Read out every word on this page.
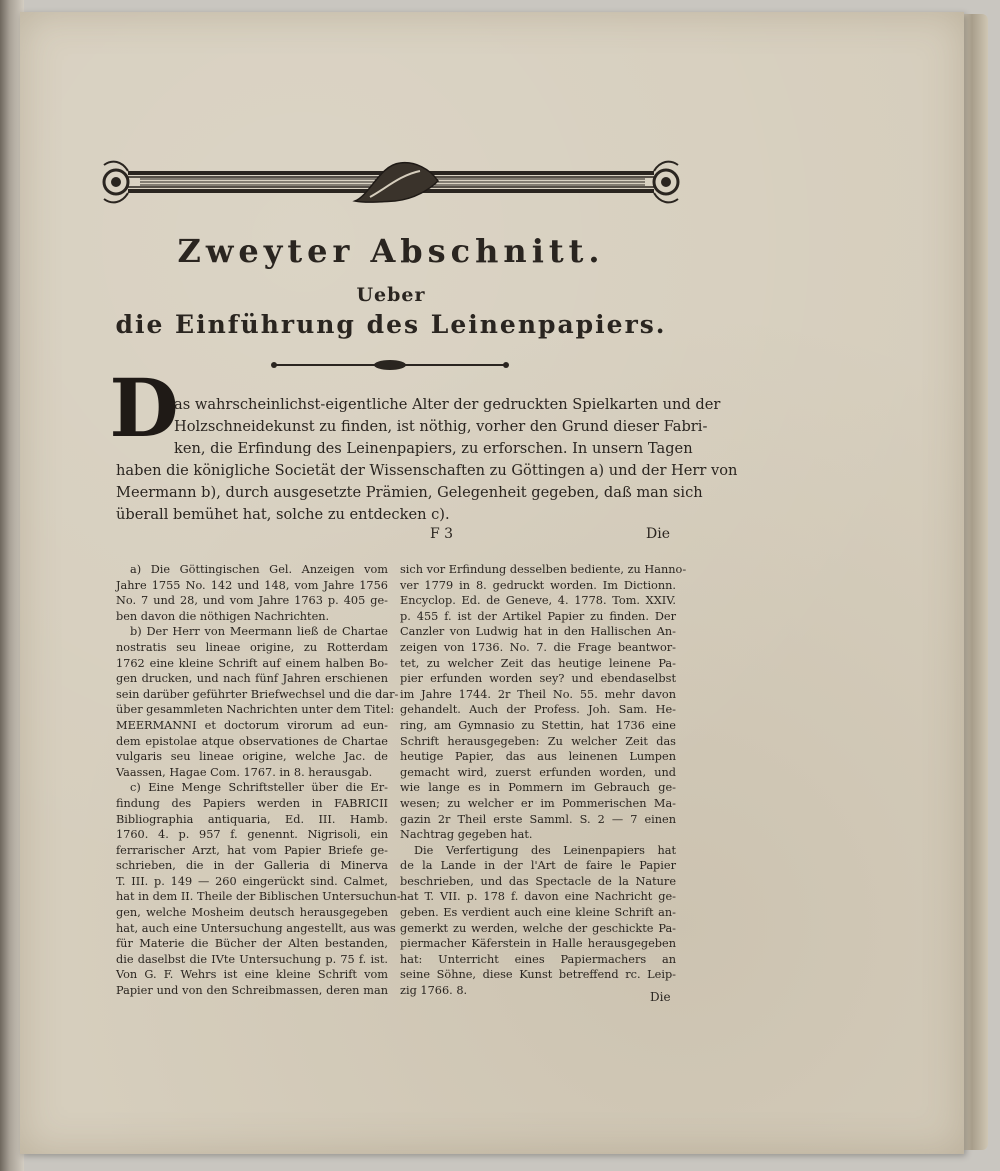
Zweyter Abschnitt.
Ueber
die Einführung des Leinenpapiers.
D
as wahrscheinlichst-eigentliche Alter der gedruckten Spielkarten und der
Holzschneidekunst zu finden, ist nöthig, vorher den Grund dieser Fabri-
ken, die Erfindung des Leinenpapiers, zu erforschen. In unsern Tagen
haben die königliche Societät der Wissenschaften zu Göttingen a) und der Herr von
Meermann b), durch ausgesetzte Prämien, Gelegenheit gegeben, daß man sich
überall bemühet hat, solche zu entdecken c).
F 3	Die
a) Die Göttingischen Gel. Anzeigen vom
Jahre 1755 No. 142 und 148, vom Jahre 1756
No. 7 und 28, und vom Jahre 1763 p. 405 ge-
ben davon die nöthigen Nachrichten.
b) Der Herr von Meermann ließ de Chartae
nostratis seu lineae origine, zu Rotterdam
1762 eine kleine Schrift auf einem halben Bo-
gen drucken, und nach fünf Jahren erschienen
sein darüber geführter Briefwechsel und die dar-
über gesammleten Nachrichten unter dem Titel:
MEERMANNI et doctorum virorum ad eun-
dem epistolae atque observationes de Chartae
vulgaris seu lineae origine, welche Jac. de
Vaassen, Hagae Com. 1767. in 8. herausgab.
c) Eine Menge Schriftsteller über die Er-
findung des Papiers werden in FABRICII
Bibliographia antiquaria, Ed. III. Hamb.
1760. 4. p. 957 f. genennt. Nigrisoli, ein
ferrarischer Arzt, hat vom Papier Briefe ge-
schrieben, die in der Galleria di Minerva
T. III. p. 149 — 260 eingerückt sind. Calmet,
hat in dem II. Theile der Biblischen Untersuchun-
gen, welche Mosheim deutsch herausgegeben
hat, auch eine Untersuchung angestellt, aus was
für Materie die Bücher der Alten bestanden,
die daselbst die IVte Untersuchung p. 75 f. ist.
Von G. F. Wehrs ist eine kleine Schrift vom
Papier und von den Schreibmassen, deren man
sich vor Erfindung desselben bediente, zu Hanno-
ver 1779 in 8. gedruckt worden. Im Dictionn.
Encyclop. Ed. de Geneve, 4. 1778. Tom. XXIV.
p. 455 f. ist der Artikel Papier zu finden. Der
Canzler von Ludwig hat in den Hallischen An-
zeigen von 1736. No. 7. die Frage beantwor-
tet, zu welcher Zeit das heutige leinene Pa-
pier erfunden worden sey? und ebendaselbst
im Jahre 1744. 2r Theil No. 55. mehr davon
gehandelt. Auch der Profess. Joh. Sam. He-
ring, am Gymnasio zu Stettin, hat 1736 eine
Schrift herausgegeben: Zu welcher Zeit das
heutige Papier, das aus leinenen Lumpen
gemacht wird, zuerst erfunden worden, und
wie lange es in Pommern im Gebrauch ge-
wesen; zu welcher er im Pommerischen Ma-
gazin 2r Theil erste Samml. S. 2 — 7 einen
Nachtrag gegeben hat.
Die Verfertigung des Leinenpapiers hat
de la Lande in der l'Art de faire le Papier
beschrieben, und das Spectacle de la Nature
hat T. VII. p. 178 f. davon eine Nachricht ge-
geben. Es verdient auch eine kleine Schrift an-
gemerkt zu werden, welche der geschickte Pa-
piermacher Käferstein in Halle herausgegeben
hat: Unterricht eines Papiermachers an
seine Söhne, diese Kunst betreffend rc. Leip-
zig 1766. 8.	Die
